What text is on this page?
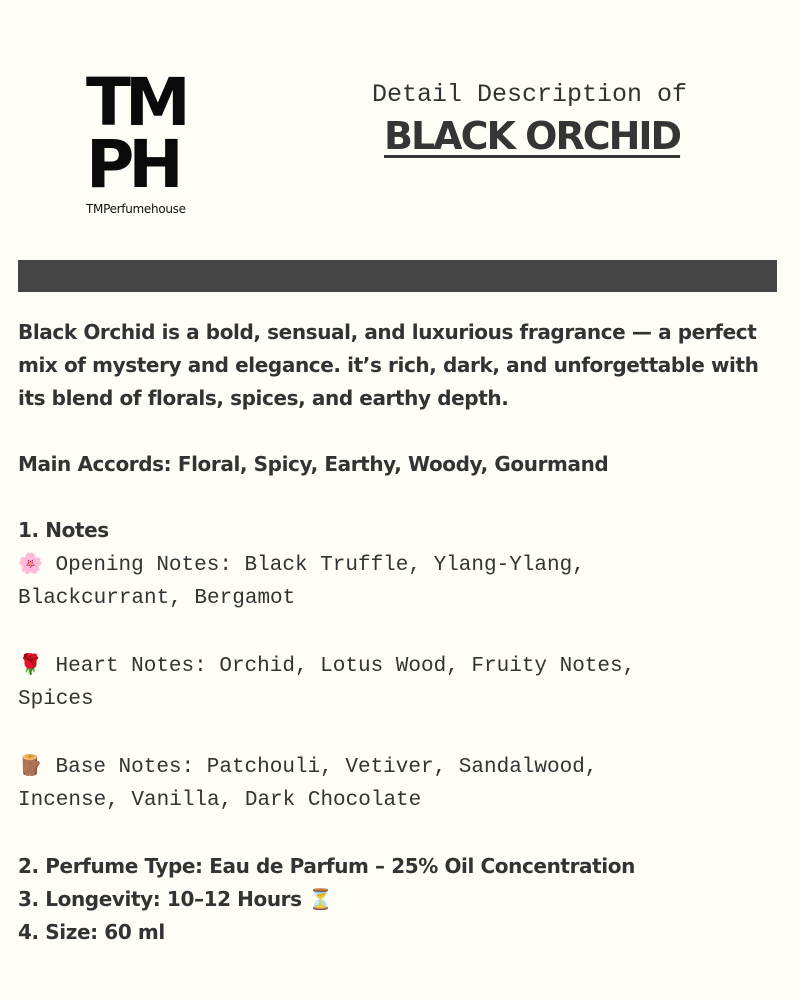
TM
PH
TMPerfumehouse
Detail Description of
BLACK ORCHID

Black Orchid is a bold, sensual, and luxurious fragrance — a perfect mix of mystery and elegance. it’s rich, dark, and unforgettable with its blend of florals, spices, and earthy depth.

Main Accords: Floral, Spicy, Earthy, Woody, Gourmand

1. Notes

🌸 Opening Notes: Black Truffle, Ylang-Ylang,
Blackcurrant, Bergamot
🌹 Heart Notes: Orchid, Lotus Wood, Fruity Notes,
Spices
🪵 Base Notes: Patchouli, Vetiver, Sandalwood,
Incense, Vanilla, Dark Chocolate

2. Perfume Type: Eau de Parfum – 25% Oil Concentration

3. Longevity: 10–12 Hours ⏳

4. Size: 60 ml
